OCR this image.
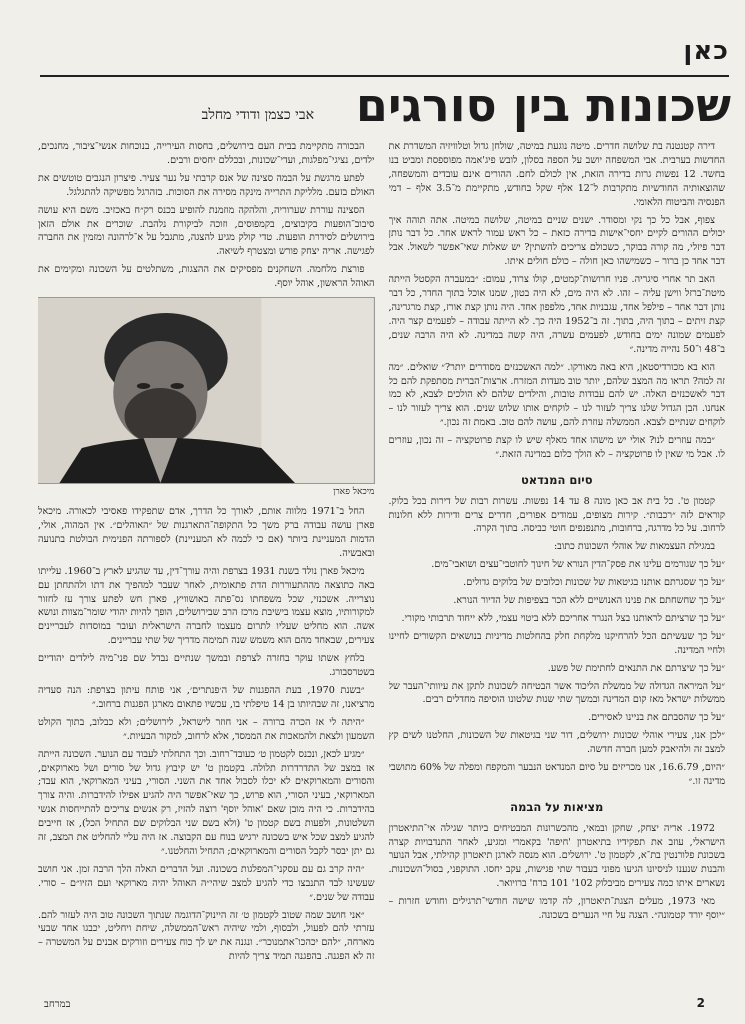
כאן
שכונות בין סורגים
אבי כצמן ודודי מחלב

דירה קטנטנה בת שלושה חדרים. מיטה נוגעת במיטה, שולחן גדול וטלוויזיה המשדרת את החדשות בערבית. אבי המשפחה יושב על הספה בסלון, לובש פיג'אמה מפוספסת ומביט בנו בחשד. 12 נפשות גרות בדירה הזאת, אין לכולם לחם. ההורים אינם עובדים והמשפחה, שהוצאותיה החודשיות מתקרבות ל־12 אלף שקל בחודש, מתקיימת מ־3.5 אלף – דמי הפנסיה והביטוח הלאומי.

צפוף, אבל כל כך נקי ומסודר. ישנים שניים במיטה, שלושה במיטה. אתה תוהה איך יכולים ההורים לקיים יחסי־אישות בדירה כזאת – כל ראש עמור לראש אחר. כל דבר נותן דבר פיזלי, מה קורה בבוקר, כשכולם צריכים להשתין? יש שאלות שאי־אפשר לשאול. אבל דבר אחד כן ברור – כשמישהו כאן חולה – כולם חולים איתו.

האב תר אחרי סיגריה. פניו חרושות־קמטים, קולו צרוד, עמום: ״במעברה הקסטל הייתה מיטת־ברזל ווישן עליה – זהו. לא היה מים, לא היה בטון, שמנו אוכל בתוך החדר, כל דבר נותן דבר אחד – פילפל אחד, עגבניות אחד, מלפפון אחד. היה נותן קצת אורז, קצת מרגרינה, קצת זיתים – בתוך היה, בתוך. זה ב־1952 היה כך. לא הייתה עבודה – לפעמים קצר היה. לפעמים שמונה ימים בחודש, לפעמים עשרה, היה קשה במדינה. לא היה הרבה שנים, ב־48 ו־50 נהייה מדינה.״

הוא בא מכורדיסטאן, היא באה מאורקו. ״למה האשכנזים מסודרים יותר?״ שואלים. ״מה זה למה? תראו מה המצב שלהם, יותר טוב מעדות המזרח. ארצות־הברית מסתפקת להם כל דבר לאשכנזים האלה. יש להם עבודות טובות, והילדים שלהם לא הולכים לצבא, לא כמו אנחנו. הבן הגדול שלנו צריך לעזור לנו – לוקחים אותו שלוש שנים. הוא צריך לעזור לנו – לוקחים שנתיים לצבא. הממשלה עוזרת להם, עושה להם טוב. באמת זה נכון.״

״במה עוזרים לנו? אולי יש מישהו אחד מאלף שיש לו קצת פרוטקציה – זה נכון, עוזרים לו. אבל מי שאין לו פרוטקציה – לא הולך כלום במדינה הזאת.״

סיום המנדאט

קטמון ט'. כל בית אב כאן מונה 8 עד 14 נפשות. עשרות רבות של דירות בכל בלוק. קוראים לזה ״רכבות״. קירות מצופים, עמודים אפורים, חדרים צרים ודירות ללא חלונות לרחוב. על כל מדרגה, ברחובות, מתנפנפים חוטי כביסה. בתוך הקרה.

במגילת העצמאות של אוהלי השכונות כתוב:

״על כך שגורמים עלינו את פסק־הדין הנורא של חינוך לחוטבי־עצים ושואבי־מים.

״על כך שסגרתם אותנו בגיטאות של שכונות וכלובים של בלוקים גדולים.

״על כך שחשחתם את פנינו האנושיים ללא הכר בצפיפות של הדיור הנורא.

״על כך שרציתם לראותנו בצל הנגרר אחריכם ללא ביטוי עצמי, ללא ייחוד תרבותי מקורי.

״על כך שעשיתם הכל להרחיקנו מלקחת חלק בהחלטות מדיניות בנושאים הקשורים לחיינו ולחיי המדינה.

״על כך שיצרתם את התנאים לחתימת של פשע.

״על המיראה הגדולה של ממשלת הליכוד אשר הבטיחה לשכונות לתקן את עיוותי־העבר של ממשלות ישראל מאז קום המדינה ובמשך שתי שנות שלטונו הוסיפה מחדלים רבים.

״על כך שהסבתם את בניינו לאסירים.

״לכן אנו, צעירי אוהלי שכונות ירושלים, דור שני בגיטאות של השכונות, החלטנו לשים קץ למצב זה ולהיאבק למען חברה חדשה.

״היום, 16.6.79, אנו מכריזים על סיום המנדאט הנבער והמקפח ומפלה של 60% מתושבי מדינה זו.״

מציאות על הבמה

1972. אריה יצחק, שחקן ובמאי, מהכשרונות המבטיחים ביותר שגילה אי־התיאטרון הישראלי, עוזב את תפקידיו בתיאטרון 'חיפה' בקאמרי ומגיע, לאחר התנדבויות קצרה בשכונת פלורנטין בת־א, לקטמון ט'. ירושלים. הוא מנסה לארגן תיאטרון קהילתי, אבל הנוער והבנות שנענו לניסיונו הגיעו מפוני בעבור שתי פגישות, עקב יחסו. התוקפני, בסול־השכונות. נשארים איתו כמה צעירים מביבלוק 102' 101 ברח' ברויואר.

מאי 1973, מעלים הצגת־תיאטרון, לה קדמו שישה חודשי־תרגילים וחודש חזרות – ״יוסף יורד קטמונה״. הצגה על חיי הנערים בשכונה.

הבכורה מתקיימת בבית העם בירושלים, בחסות העירייה, בנוכחות אנשי־ציבור, מחנכים, ילדים, נציגי־מפלגות, ועדי־שכונות, ובכללם יחסים ורבים.

לפתע מרגשת על הבמה סצינה של אנס קרבתי על נער צעיר. פיצרון הנגבים טוטשים את האולם בזעם. מלליקת התרייה מינקה מסירה את הסוכות. בזהרגל מפשיקה להתגלגל.

הסצינה עוררת שערוריה, והלהקה מוזמנת להופיע בכנס רק״ח באכזיב. משם היא עושה סיבוב־הופעות בקיבוצים, בקמפוסים, וזוכה לביקורת נלהבת. שוכרים את אולם הזאן בירושלים לסידרת הופעות. טדי קולק מגיע להצגה, מתגבל על א־לרהונה ומזמין את החברה לפגישה. אריה יצחק פורש ומצטרף לשיאה.

פורצת מלחמה. השחקנים מפסיקים את ההצגות, משתלטים על השכונה ומקימים את האוהל הראשון, אוהל יוסף.

מיכאל פארן

החל ב־1971 מלווה אותם, לאורך כל הדרך, אדם שתפקידו פאסיבי לכאורה. מיכאל פארן עושה עבודה ברק משך כל התקופה־התארגנות של ״האוהלים״. אין המהוה, אולי, הדמות המעניינת ביותר (אם כי לכמה לא המעניינת) לספורתה הפנימית הבולטת בתנועה ובאבשיה.

מיכאל פארן נולד בשנת 1931 בצרפת והיה עורך־דין, עד שהגיע לארץ ב־1960. עלייתו באה כתוצאה מההתעוררות הדת פתאומית, לאחר שעבר למהפיך את דתו ולהתחתן עם נוצרייה. אשכנזי, שכל משפחתו נס־פתה באושוויץ, פארן חש לפתע צורך עז לחזור למקורותיו, מוצא עצמו בישיבת מרכז הרב שבירושלים, הופך להיות יהודי שומר־מצוות ונושא אשה. הוא מחליט שעליו לתרום מעצמו לחברה הישראלית ועובר במוסדות לעבריינים צעירים, שבאחד מהם הוא משמש שנה תמימה מדריך של שתי עבריינים.

בלחץ אשתו עוקר בחזרה לצרפת ובמשך שנתיים נבדל שם פני־מיה לילדים יהודיים בשטרסבורג.

״בשנת 1970, בעת ההפגנות של ה׳פנתרים׳, אני פותח עיתון בצרפת: הנה סעדיה מרציאנו, זה שבהיותו בן 14 טיפלתי בו, עכשיו פתאום מארגן הפגנות ברחוב.״

״היתה לי אז הכרה ברורה – אני חוזר לישראל, לירושלים; ולא כבלוב, בתוך הקולט השמעון ולצאת ולהמאכות את הממסד, אלא לרחוב, למקור הבעיות.״

״מגיע לכאן, ונכנס לקטמון ט׳ כעובד־רחוב. וכך התחלתי לעבוד עם הנוער. השכונה הייתה אז במצב של התדרדרות תלולה. בקטמון ט' יש קיבוץ גדול של סורים ושל מארוקאים, והסורים והמארוקאים לא יכלו לסבול אחד את השני. הסורי, בעיני המארוקאי, הוא עבד; המארוקאי, בעיני הסורי, הוא פרוש, כך שאי־אפשר היה להגיע אפילו להידברות. והיה צורך בהידברות. כי היה מובן שאם 'אוהל יוסף' רוצה להזיז, רק אנשים צריכים להתייחסות אנשי השלטונות, ולפעות בשם קטמון ט' (ולא בשם שני הבלוקים שם התחיל הכל), אז חייבים להגיע למצב שכל איש בשכונה ירגיש בנוח עם הקבוצה. אז היה עליי להחליט את המצב, זה גם יתן יבסר לקבל הסורים והמארוקאים; התחיל והחלטנו.״

״היה קרב גם עם עסקני־המפלגות בשכונה. ועל הדברים האלה הלך הרבה זמן. אני חושב שעשינו לבד התנבצו כדי להגיע למצב שיהי״ה האוהל יהיה מארוקאי ועם הזיו״ם – סורי. עבודה של שנים.״

״אני חושב שמה שטוב לקטמון ט׳ זה היינוק־הדוגמה שנתוך השכונה טוב היה לעזור להם. עזרתי להם לפעול, ולבסוף, ולמי שיהיה ראש־הממשלה, שיחת ויחליט, יכבגו אחד שבעי מארחה, ״להם יכהכו־אתמנוכר״. ונגנה את יש לך כוח צעירים וזורקים אבנים על המשטרה – זה לא הפגנה. בהפגנה תמיד צריך להיות

במרחב	2
